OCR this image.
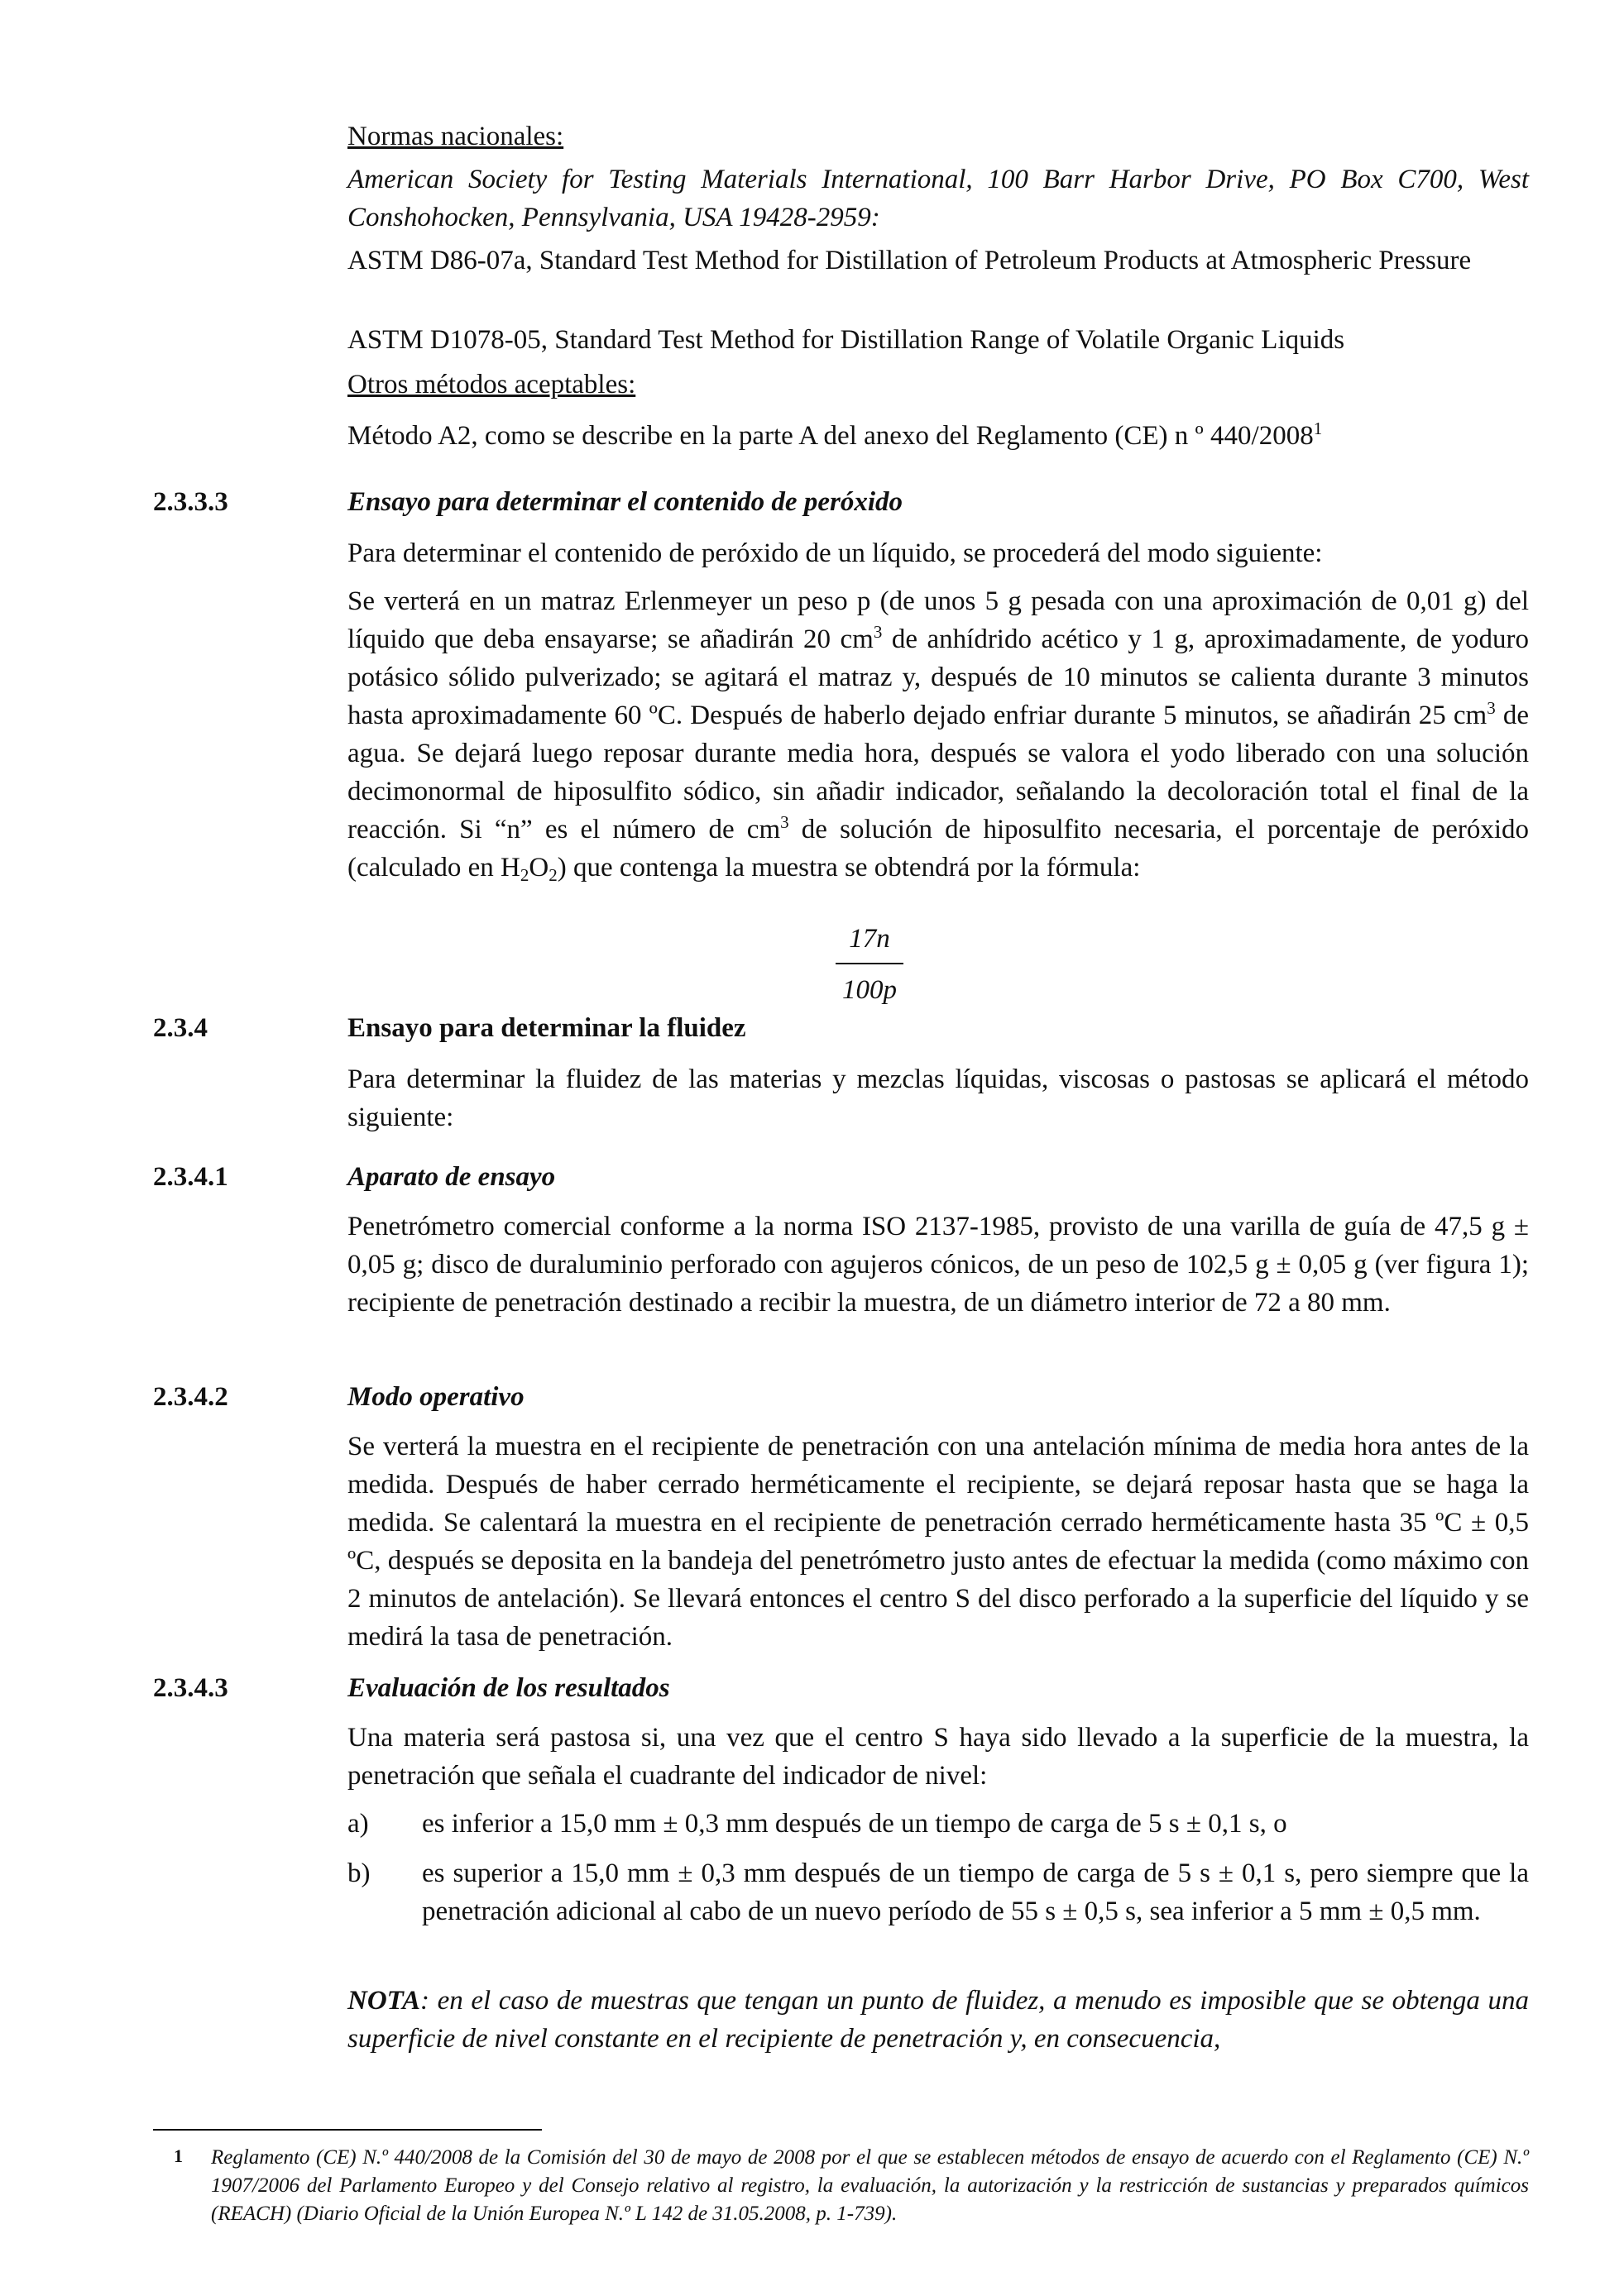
Normas nacionales:
American Society for Testing Materials International, 100 Barr Harbor Drive, PO Box C700, West Conshohocken, Pennsylvania, USA 19428-2959:
ASTM D86-07a, Standard Test Method for Distillation of Petroleum Products at Atmospheric Pressure
ASTM D1078-05, Standard Test Method for Distillation Range of Volatile Organic Liquids
Otros métodos aceptables:
Método A2, como se describe en la parte A del anexo del Reglamento (CE) n º 440/2008$^1$
2.3.3.3	Ensayo para determinar el contenido de peróxido
Para determinar el contenido de peróxido de un líquido, se procederá del modo siguiente:
Se verterá en un matraz Erlenmeyer un peso p (de unos 5 g pesada con una aproximación de 0,01 g) del líquido que deba ensayarse; se añadirán 20 $cm^3$ de anhídrido acético y 1 g, aproximadamente, de yoduro potásico sólido pulverizado; se agitará el matraz y, después de 10 minutos se calienta durante 3 minutos hasta aproximadamente 60 ºC. Después de haberlo dejado enfriar durante 5 minutos, se añadirán 25 $cm^3$ de agua. Se dejará luego reposar durante media hora, después se valora el yodo liberado con una solución decimonormal de hiposulfito sódico, sin añadir indicador, señalando la decoloración total el final de la reacción. Si “n” es el número de $cm^3$ de solución de hiposulfito necesaria, el porcentaje de peróxido (calculado en $H_2O_2$) que contenga la muestra se obtendrá por la fórmula:
17n
100p
2.3.4	Ensayo para determinar la fluidez
Para determinar la fluidez de las materias y mezclas líquidas, viscosas o pastosas se aplicará el método siguiente:
2.3.4.1	Aparato de ensayo
Penetrómetro comercial conforme a la norma ISO 2137-1985, provisto de una varilla de guía de 47,5 g ± 0,05 g; disco de duraluminio perforado con agujeros cónicos, de un peso de 102,5 g ± 0,05 g (ver figura 1); recipiente de penetración destinado a recibir la muestra, de un diámetro interior de 72 a 80 mm.
2.3.4.2	Modo operativo
Se verterá la muestra en el recipiente de penetración con una antelación mínima de media hora antes de la medida. Después de haber cerrado herméticamente el recipiente, se dejará reposar hasta que se haga la medida. Se calentará la muestra en el recipiente de penetración cerrado herméticamente hasta 35 ºC ± 0,5 ºC, después se deposita en la bandeja del penetrómetro justo antes de efectuar la medida (como máximo con 2 minutos de antelación). Se llevará entonces el centro S del disco perforado a la superficie del líquido y se medirá la tasa de penetración.
2.3.4.3	Evaluación de los resultados
Una materia será pastosa si, una vez que el centro S haya sido llevado a la superficie de la muestra, la penetración que señala el cuadrante del indicador de nivel:
a) es inferior a 15,0 mm ± 0,3 mm después de un tiempo de carga de 5 s ± 0,1 s, o
b) es superior a 15,0 mm ± 0,3 mm después de un tiempo de carga de 5 s ± 0,1 s, pero siempre que la penetración adicional al cabo de un nuevo período de 55 s ± 0,5 s, sea inferior a 5 mm ± 0,5 mm.
NOTA: en el caso de muestras que tengan un punto de fluidez, a menudo es imposible que se obtenga una superficie de nivel constante en el recipiente de penetración y, en consecuencia,
1 Reglamento (CE) N.º 440/2008 de la Comisión del 30 de mayo de 2008 por el que se establecen métodos de ensayo de acuerdo con el Reglamento (CE) N.º 1907/2006 del Parlamento Europeo y del Consejo relativo al registro, la evaluación, la autorización y la restricción de sustancias y preparados químicos (REACH) (Diario Oficial de la Unión Europea N.º L 142 de 31.05.2008, p. 1-739).
